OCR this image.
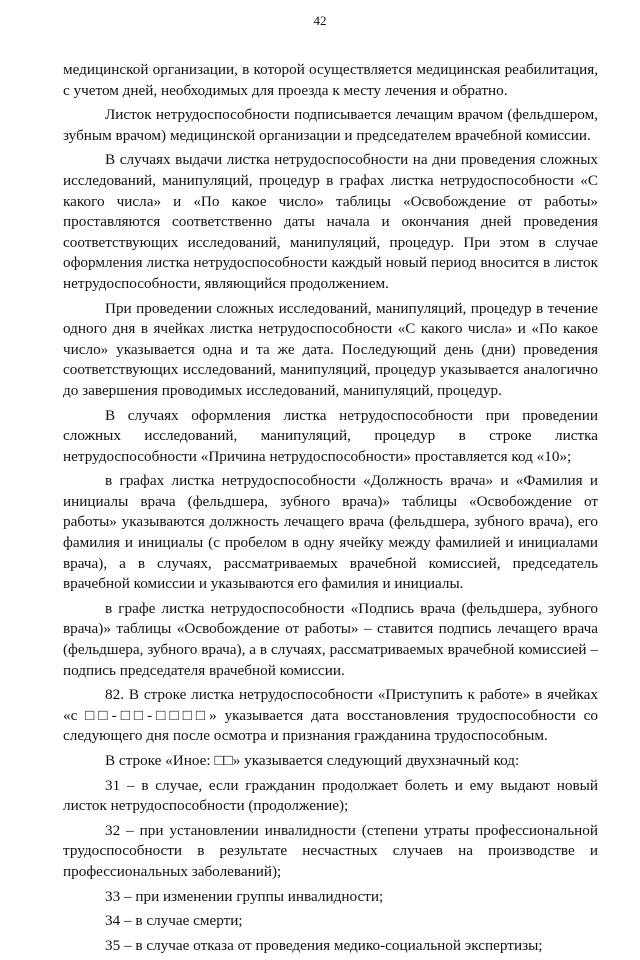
42

медицинской организации, в которой осуществляется медицинская реабилитация, с учетом дней, необходимых для проезда к месту лечения и обратно.

Листок нетрудоспособности подписывается лечащим врачом (фельдшером, зубным врачом) медицинской организации и председателем врачебной комиссии.

В случаях выдачи листка нетрудоспособности на дни проведения сложных исследований, манипуляций, процедур в графах листка нетрудоспособности «С какого числа» и «По какое число» таблицы «Освобождение от работы» проставляются соответственно даты начала и окончания дней проведения соответствующих исследований, манипуляций, процедур. При этом в случае оформления листка нетрудоспособности каждый новый период вносится в листок нетрудоспособности, являющийся продолжением.

При проведении сложных исследований, манипуляций, процедур в течение одного дня в ячейках листка нетрудоспособности «С какого числа» и «По какое число» указывается одна и та же дата. Последующий день (дни) проведения соответствующих исследований, манипуляций, процедур указывается аналогично до завершения проводимых исследований, манипуляций, процедур.

В случаях оформления листка нетрудоспособности при проведении сложных исследований, манипуляций, процедур в строке листка нетрудоспособности «Причина нетрудоспособности» проставляется код «10»;

в графах листка нетрудоспособности «Должность врача» и «Фамилия и инициалы врача (фельдшера, зубного врача)» таблицы «Освобождение от работы» указываются должность лечащего врача (фельдшера, зубного врача), его фамилия и инициалы (с пробелом в одну ячейку между фамилией и инициалами врача), а в случаях, рассматриваемых врачебной комиссией, председатель врачебной комиссии и указываются его фамилия и инициалы.

в графе листка нетрудоспособности «Подпись врача (фельдшера, зубного врача)» таблицы «Освобождение от работы» – ставится подпись лечащего врача (фельдшера, зубного врача), а в случаях, рассматриваемых врачебной комиссией – подпись председателя врачебной комиссии.

82. В строке листка нетрудоспособности «Приступить к работе» в ячейках «с □□-□□-□□□□» указывается дата восстановления трудоспособности со следующего дня после осмотра и признания гражданина трудоспособным.

В строке «Иное: □□» указывается следующий двухзначный код:

31 – в случае, если гражданин продолжает болеть и ему выдают новый листок нетрудоспособности (продолжение);

32 – при установлении инвалидности (степени утраты профессиональной трудоспособности в результате несчастных случаев на производстве и профессиональных заболеваний);

33 – при изменении группы инвалидности;

34 – в случае смерти;

35 – в случае отказа от проведения медико-социальной экспертизы;
